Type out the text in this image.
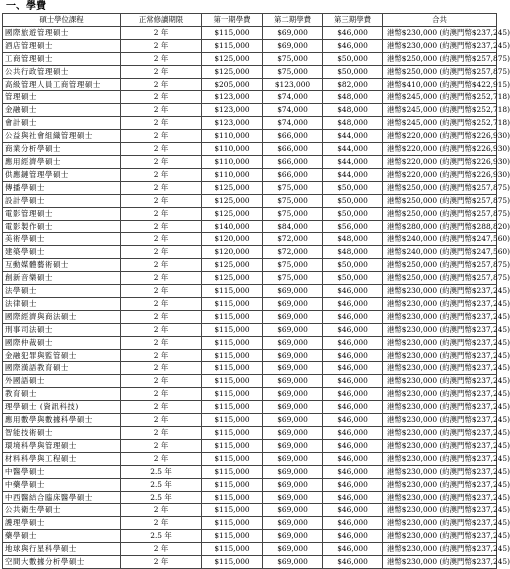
一、學費
碩士學位課程	正常修讀期限	第一期學費	第二期學費	第三期學費	合共
國際旅遊管理碩士	2 年	$115,000	$69,000	$46,000	港幣$230,000 (約澳門幣$237,245)
酒店管理碩士	2 年	$115,000	$69,000	$46,000	港幣$230,000 (約澳門幣$237,245)
工商管理碩士	2 年	$125,000	$75,000	$50,000	港幣$250,000 (約澳門幣$257,875)
公共行政管理碩士	2 年	$125,000	$75,000	$50,000	港幣$250,000 (約澳門幣$257,875)
高級管理人員工商管理碩士	2 年	$205,000	$123,000	$82,000	港幣$410,000 (約澳門幣$422,915)
管理碩士	2 年	$123,000	$74,000	$48,000	港幣$245,000 (約澳門幣$252,718)
金融碩士	2 年	$123,000	$74,000	$48,000	港幣$245,000 (約澳門幣$252,718)
會計碩士	2 年	$123,000	$74,000	$48,000	港幣$245,000 (約澳門幣$252,718)
公益與社會組織管理碩士	2 年	$110,000	$66,000	$44,000	港幣$220,000 (約澳門幣$226,930)
商業分析學碩士	2 年	$110,000	$66,000	$44,000	港幣$220,000 (約澳門幣$226,930)
應用經濟學碩士	2 年	$110,000	$66,000	$44,000	港幣$220,000 (約澳門幣$226,930)
供應鏈管理學碩士	2 年	$110,000	$66,000	$44,000	港幣$220,000 (約澳門幣$226,930)
傳播學碩士	2 年	$125,000	$75,000	$50,000	港幣$250,000 (約澳門幣$257,875)
設計學碩士	2 年	$125,000	$75,000	$50,000	港幣$250,000 (約澳門幣$257,875)
電影管理碩士	2 年	$125,000	$75,000	$50,000	港幣$250,000 (約澳門幣$257,875)
電影製作碩士	2 年	$140,000	$84,000	$56,000	港幣$280,000 (約澳門幣$288,820)
美術學碩士	2 年	$120,000	$72,000	$48,000	港幣$240,000 (約澳門幣$247,560)
建築學碩士	2 年	$120,000	$72,000	$48,000	港幣$240,000 (約澳門幣$247,560)
互動媒體藝術碩士	2 年	$125,000	$75,000	$50,000	港幣$250,000 (約澳門幣$257,875)
創新音樂碩士	2 年	$125,000	$75,000	$50,000	港幣$250,000 (約澳門幣$257,875)
法學碩士	2 年	$115,000	$69,000	$46,000	港幣$230,000 (約澳門幣$237,245)
法律碩士	2 年	$115,000	$69,000	$46,000	港幣$230,000 (約澳門幣$237,245)
國際經濟與商法碩士	2 年	$115,000	$69,000	$46,000	港幣$230,000 (約澳門幣$237,245)
刑事司法碩士	2 年	$115,000	$69,000	$46,000	港幣$230,000 (約澳門幣$237,245)
國際仲裁碩士	2 年	$115,000	$69,000	$46,000	港幣$230,000 (約澳門幣$237,245)
金融犯罪與監管碩士	2 年	$115,000	$69,000	$46,000	港幣$230,000 (約澳門幣$237,245)
國際漢語教育碩士	2 年	$115,000	$69,000	$46,000	港幣$230,000 (約澳門幣$237,245)
外國語碩士	2 年	$115,000	$69,000	$46,000	港幣$230,000 (約澳門幣$237,245)
教育碩士	2 年	$115,000	$69,000	$46,000	港幣$230,000 (約澳門幣$237,245)
理學碩士 (資訊科技)	2 年	$115,000	$69,000	$46,000	港幣$230,000 (約澳門幣$237,245)
應用數學與數據科學碩士	2 年	$115,000	$69,000	$46,000	港幣$230,000 (約澳門幣$237,245)
智能技術碩士	2 年	$115,000	$69,000	$46,000	港幣$230,000 (約澳門幣$237,245)
環境科學與管理碩士	2 年	$115,000	$69,000	$46,000	港幣$230,000 (約澳門幣$237,245)
材料科學與工程碩士	2 年	$115,000	$69,000	$46,000	港幣$230,000 (約澳門幣$237,245)
中醫學碩士	2.5 年	$115,000	$69,000	$46,000	港幣$230,000 (約澳門幣$237,245)
中藥學碩士	2.5 年	$115,000	$69,000	$46,000	港幣$230,000 (約澳門幣$237,245)
中西醫結合臨床醫學碩士	2.5 年	$115,000	$69,000	$46,000	港幣$230,000 (約澳門幣$237,245)
公共衛生學碩士	2 年	$115,000	$69,000	$46,000	港幣$230,000 (約澳門幣$237,245)
護理學碩士	2 年	$115,000	$69,000	$46,000	港幣$230,000 (約澳門幣$237,245)
藥學碩士	2.5 年	$115,000	$69,000	$46,000	港幣$230,000 (約澳門幣$237,245)
地球與行星科學碩士	2 年	$115,000	$69,000	$46,000	港幣$230,000 (約澳門幣$237,245)
空間大數據分析學碩士	2 年	$115,000	$69,000	$46,000	港幣$230,000 (約澳門幣$237,245)
